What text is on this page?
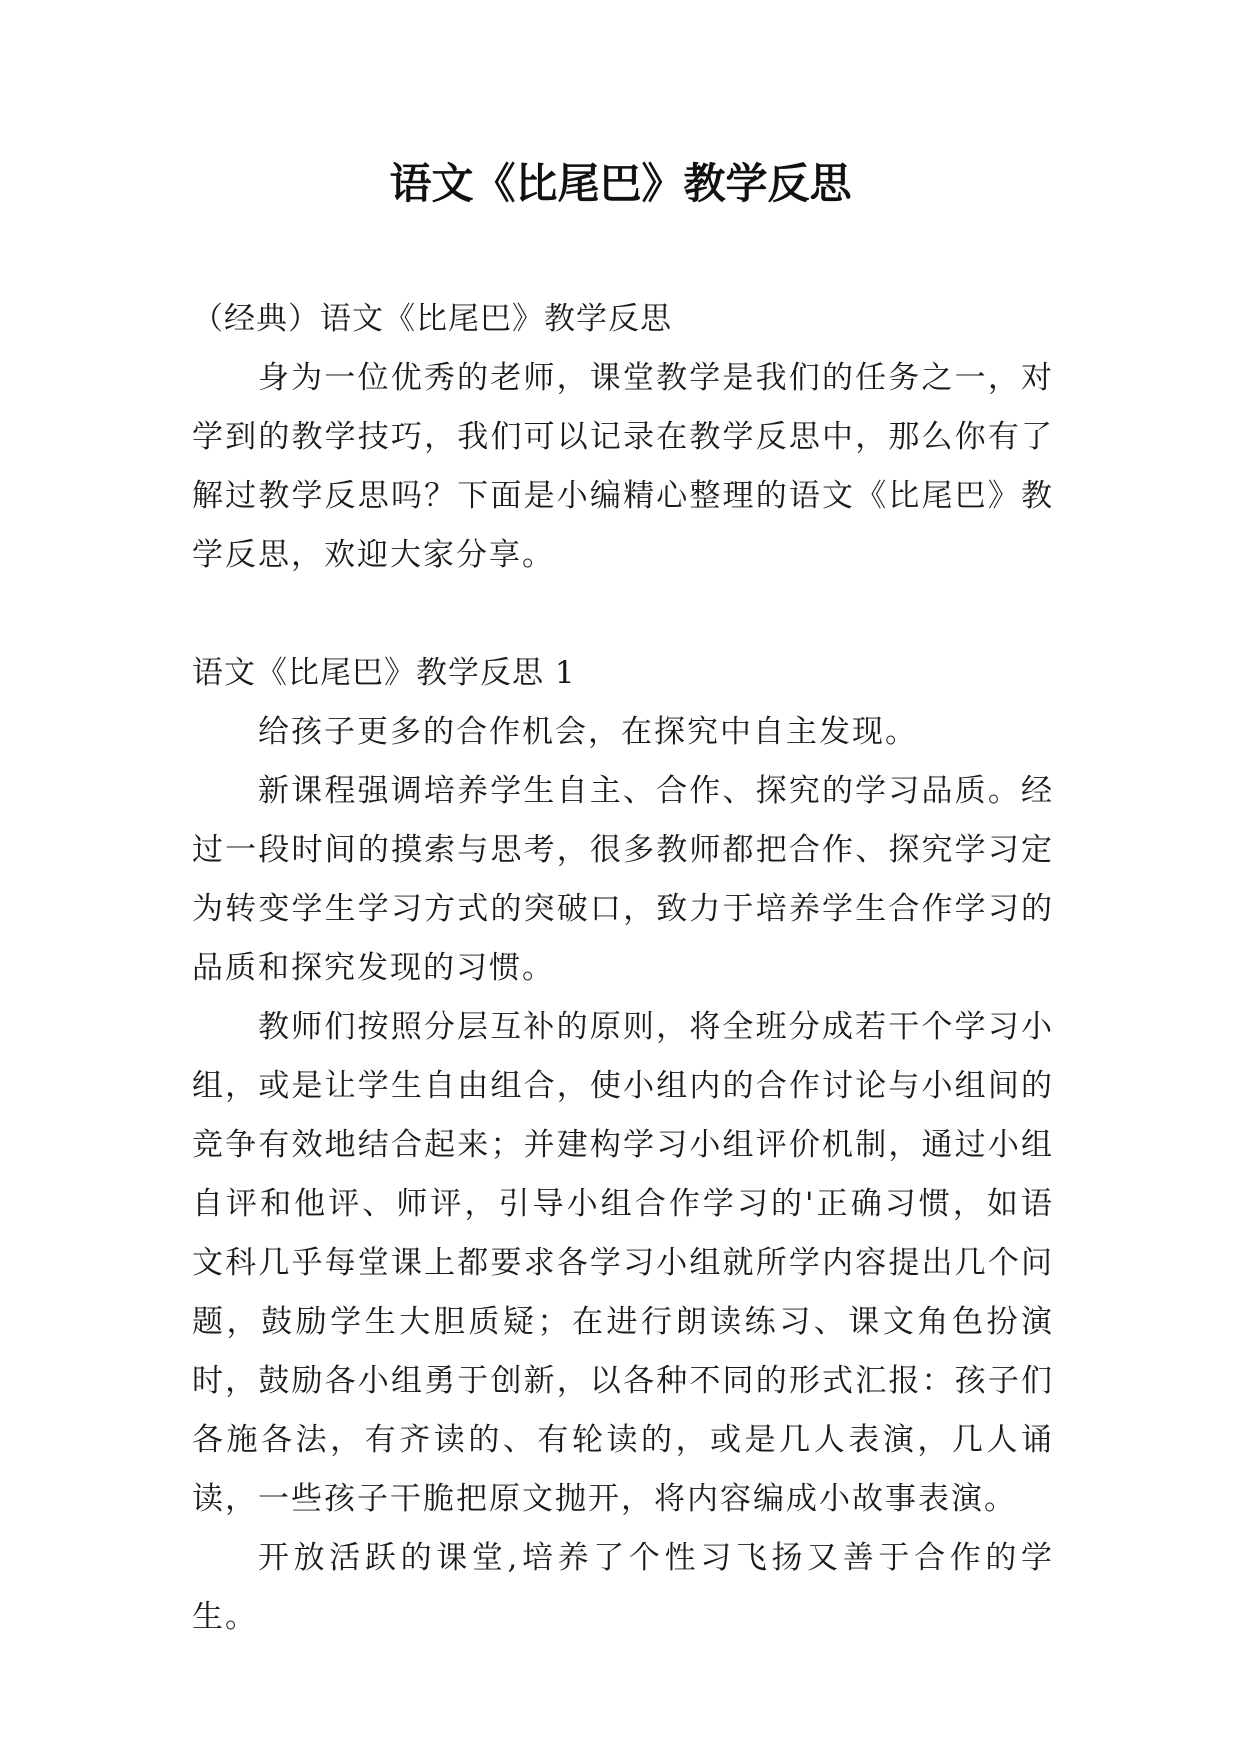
语文《比尾巴》教学反思

（经典）语文《比尾巴》教学反思

身为一位优秀的老师，课堂教学是我们的任务之一，对学到的教学技巧，我们可以记录在教学反思中，那么你有了解过教学反思吗？下面是小编精心整理的语文《比尾巴》教学反思，欢迎大家分享。

语文《比尾巴》教学反思 1

给孩子更多的合作机会，在探究中自主发现。

新课程强调培养学生自主、合作、探究的学习品质。经过一段时间的摸索与思考，很多教师都把合作、探究学习定为转变学生学习方式的突破口，致力于培养学生合作学习的品质和探究发现的习惯。

教师们按照分层互补的原则，将全班分成若干个学习小组，或是让学生自由组合，使小组内的合作讨论与小组间的竞争有效地结合起来；并建构学习小组评价机制，通过小组自评和他评、师评，引导小组合作学习的'正确习惯，如语文科几乎每堂课上都要求各学习小组就所学内容提出几个问题，鼓励学生大胆质疑；在进行朗读练习、课文角色扮演时，鼓励各小组勇于创新，以各种不同的形式汇报：孩子们各施各法，有齐读的、有轮读的，或是几人表演，几人诵读，一些孩子干脆把原文抛开，将内容编成小故事表演。

开放活跃的课堂,培养了个性习飞扬又善于合作的学生。
